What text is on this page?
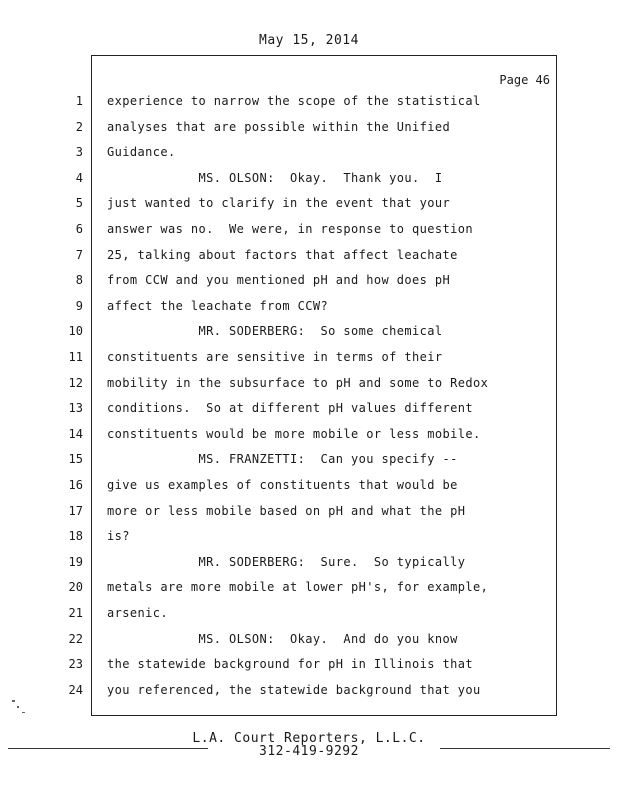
May 15, 2014
Page 46
1 experience to narrow the scope of the statistical
2 analyses that are possible within the Unified
3 Guidance.
4 MS. OLSON:  Okay.  Thank you.  I
5 just wanted to clarify in the event that your
6 answer was no.  We were, in response to question
7 25, talking about factors that affect leachate
8 from CCW and you mentioned pH and how does pH
9 affect the leachate from CCW?
10 MR. SODERBERG:  So some chemical
11 constituents are sensitive in terms of their
12 mobility in the subsurface to pH and some to Redox
13 conditions.  So at different pH values different
14 constituents would be more mobile or less mobile.
15 MS. FRANZETTI:  Can you specify --
16 give us examples of constituents that would be
17 more or less mobile based on pH and what the pH
18 is?
19 MR. SODERBERG:  Sure.  So typically
20 metals are more mobile at lower pH's, for example,
21 arsenic.
22 MS. OLSON:  Okay.  And do you know
23 the statewide background for pH in Illinois that
24 you referenced, the statewide background that you
L.A. Court Reporters, L.L.C.
312-419-9292
